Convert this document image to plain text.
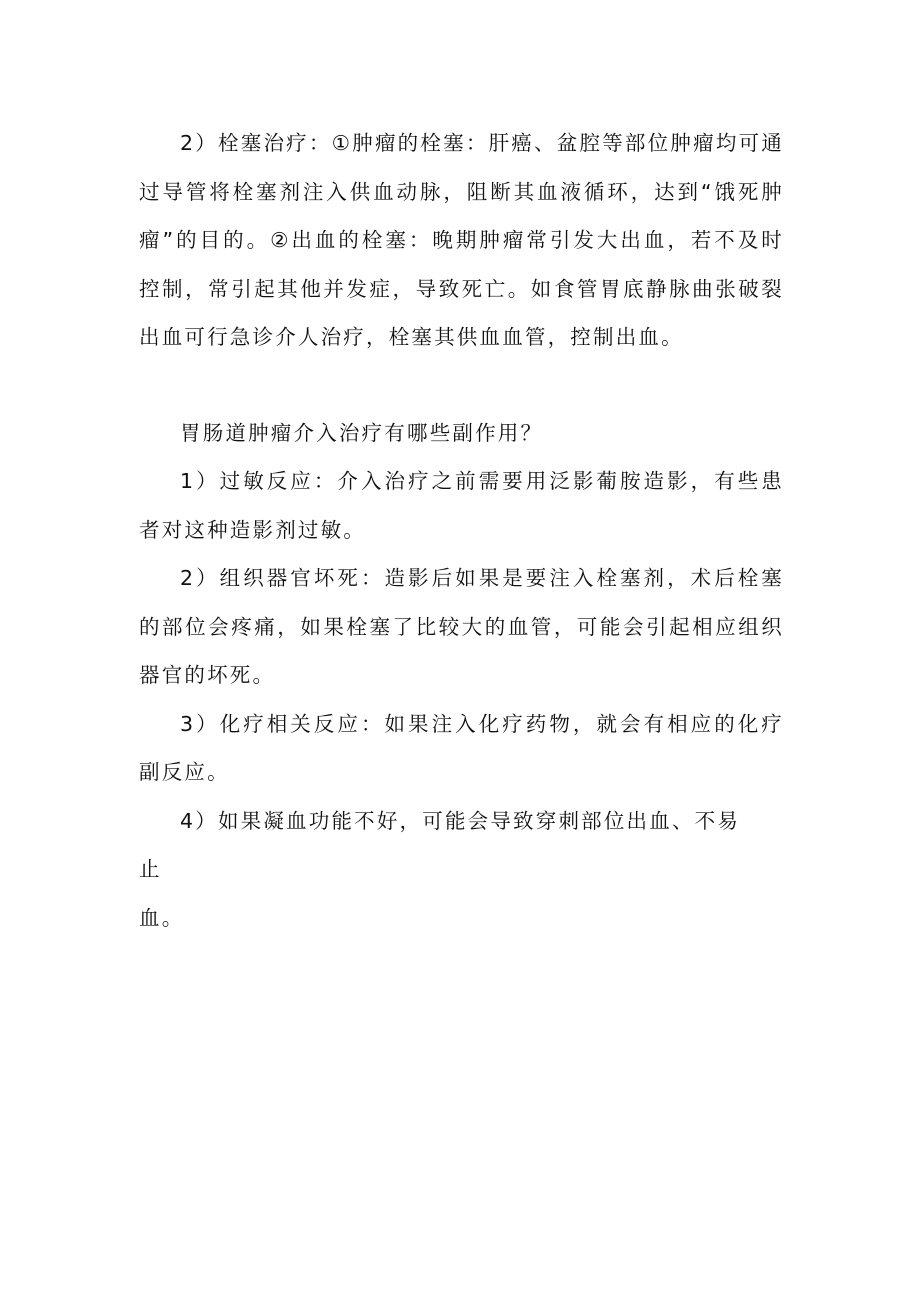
2）栓塞治疗：①肿瘤的栓塞：肝癌、盆腔等部位肿瘤均可通过导管将栓塞剂注入供血动脉，阻断其血液循环，达到“饿死肿瘤”的目的。②出血的栓塞：晚期肿瘤常引发大出血，若不及时控制，常引起其他并发症，导致死亡。如食管胃底静脉曲张破裂出血可行急诊介人治疗，栓塞其供血血管，控制出血。

胃肠道肿瘤介入治疗有哪些副作用？

1）过敏反应：介入治疗之前需要用泛影葡胺造影，有些患者对这种造影剂过敏。

2）组织器官坏死：造影后如果是要注入栓塞剂，术后栓塞的部位会疼痛，如果栓塞了比较大的血管，可能会引起相应组织器官的坏死。

3）化疗相关反应：如果注入化疗药物，就会有相应的化疗副反应。

4）如果凝血功能不好，可能会导致穿刺部位出血、不易止

血。
